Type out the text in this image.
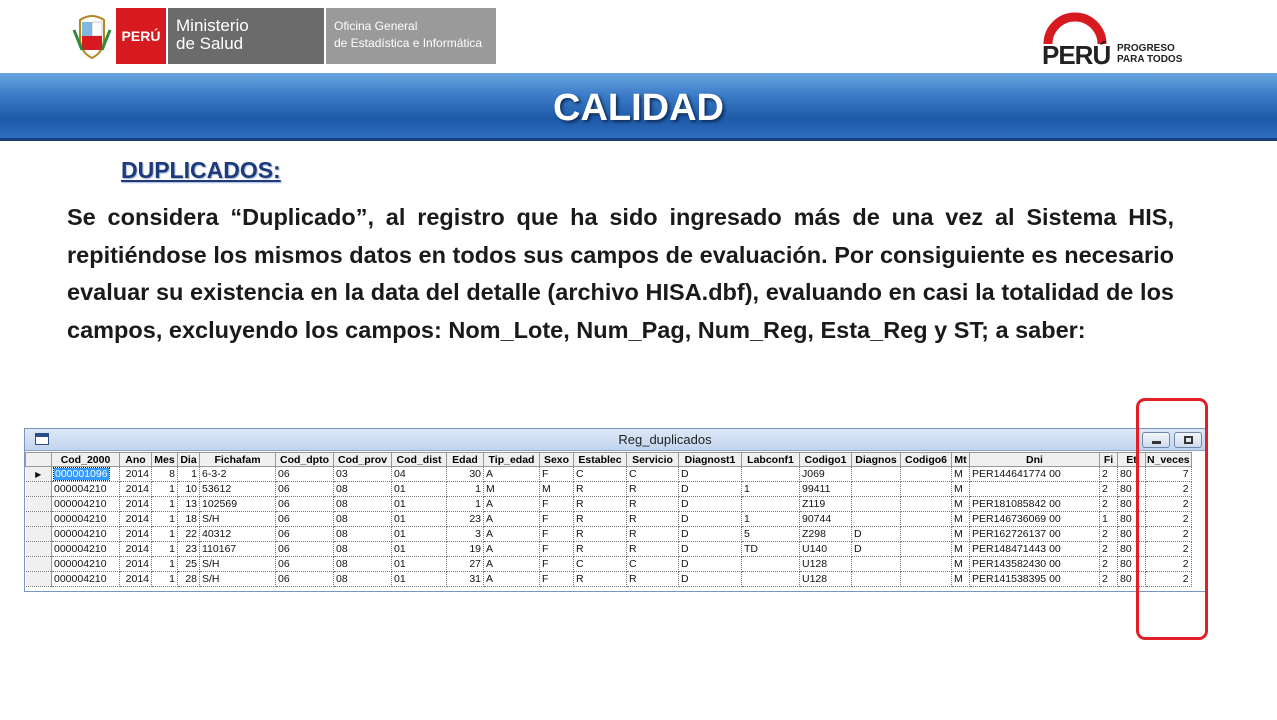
PERÚ
Ministerio
de Salud
Oficina General
de Estadística e Informática	PERÚ PROGRESO
PARA TODOS
CALIDAD
DUPLICADOS:
Se considera “Duplicado”, al registro que ha sido ingresado más de una vez al Sistema HIS, repitiéndose los mismos datos en todos sus campos de evaluación. Por consiguiente es necesario evaluar su existencia en la data del detalle (archivo HISA.dbf), evaluando en casi la totalidad de los campos, excluyendo los campos: Nom_Lote, Num_Pag, Num_Reg, Esta_Reg y ST; a saber:
Reg_duplicados
	Cod_2000	Ano	Mes	Dia	Fichafam	Cod_dpto	Cod_prov	Cod_dist	Edad	Tip_edad	Sexo	Establec	Servicio	Diagnost1	Labconf1	Codigo1	Diagnos	Codigo6	Mt	Dni	Fi	Et	N_veces
▶	000001096	2014	8	1	6-3-2	06	03	04	30	A	F	C	C	D		J069			M	PER144641774 00	2	80	7
	000004210	2014	1	10	53612	06	08	01	1	M	M	R	R	D	1	99411			M		2	80	2
	000004210	2014	1	13	102569	06	08	01	1	A	F	R	R	D		Z119			M	PER181085842 00	2	80	2
	000004210	2014	1	18	S/H	06	08	01	23	A	F	R	R	D	1	90744			M	PER146736069 00	1	80	2
	000004210	2014	1	22	40312	06	08	01	3	A	F	R	R	D	5	Z298	D		M	PER162726137 00	2	80	2
	000004210	2014	1	23	110167	06	08	01	19	A	F	R	R	D	TD	U140	D		M	PER148471443 00	2	80	2
	000004210	2014	1	25	S/H	06	08	01	27	A	F	C	C	D		U128			M	PER143582430 00	2	80	2
	000004210	2014	1	28	S/H	06	08	01	31	A	F	R	R	D		U128			M	PER141538395 00	2	80	2
